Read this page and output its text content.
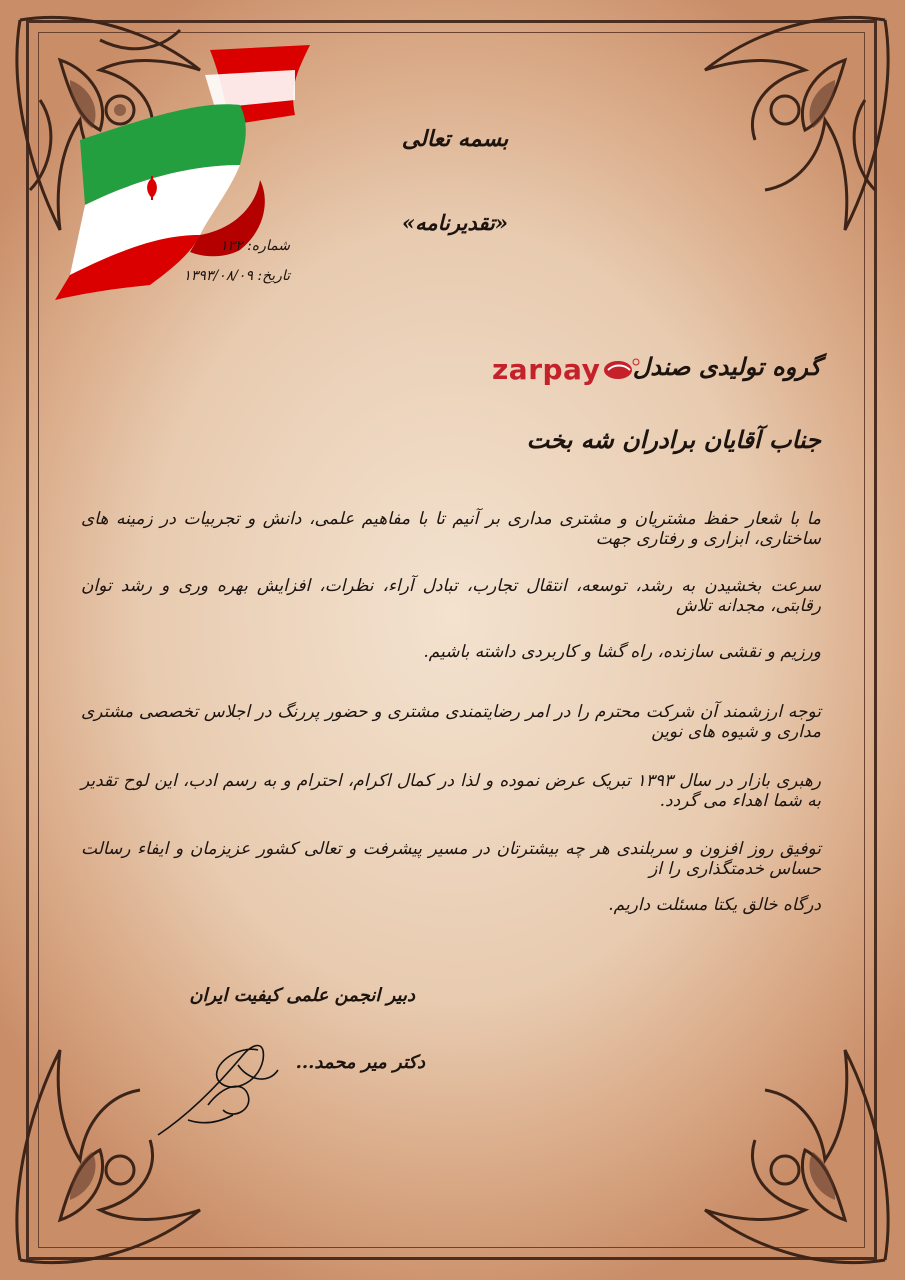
بسمه تعالی
«تقدیرنامه»
شماره: ۱۳۲
تاریخ: ۱۳۹۳/۰۸/۰۹
گروه تولیدی صندل
zarpay
جناب آقایان برادران شه بخت
ما با شعار حفظ مشتریان و مشتری مداری بر آنیم تا با مفاهیم علمی، دانش و تجربیات در زمینه های ساختاری، ابزاری و رفتاری جهت
سرعت بخشیدن به رشد، توسعه، انتقال تجارب، تبادل آراء، نظرات، افزایش بهره وری و رشد توان رقابتی، مجدانه تلاش
ورزیم و نقشی سازنده، راه گشا و کاربردی داشته باشیم.
توجه ارزشمند آن شرکت محترم را در امر رضایتمندی مشتری و حضور پررنگ در اجلاس تخصصی مشتری مداری و شیوه های نوین
رهبری بازار در سال ۱۳۹۳ تبریک عرض نموده و لذا در کمال اکرام، احترام و به رسم ادب، این لوح تقدیر به شما اهداء می گردد.
توفیق روز افزون و سربلندی هر چه بیشترتان در مسیر پیشرفت و تعالی کشور عزیزمان و ایفاء رسالت حساس خدمتگذاری را از
درگاه خالق یکتا مسئلت داریم.
دبیر انجمن علمی کیفیت ایران
دکتر میر محمد...
